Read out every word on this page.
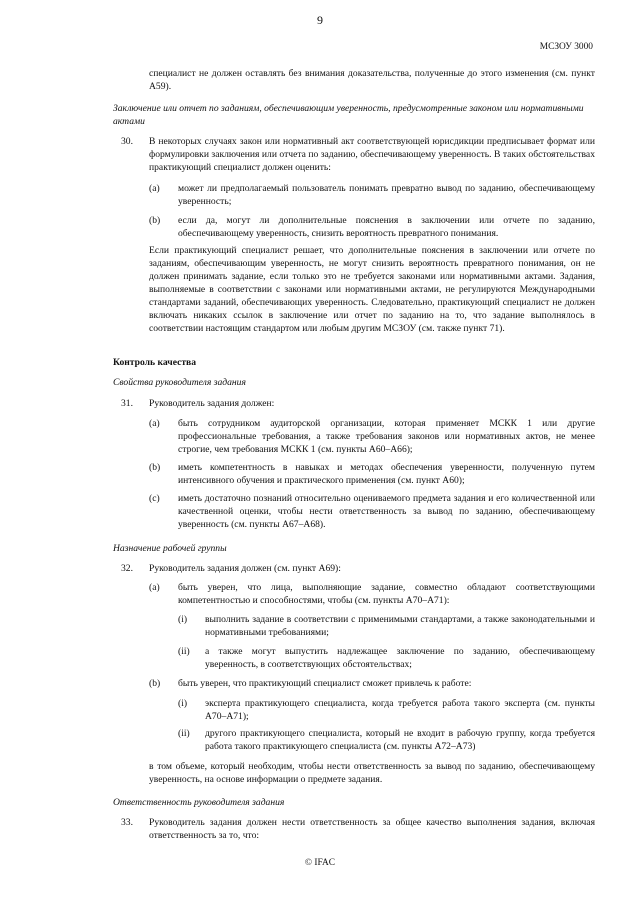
9
МСЗОУ 3000

специалист не должен оставлять без внимания доказательства, полученные до этого изменения (см. пункт A59).

Заключение или отчет по заданиям, обеспечивающим уверенность, предусмотренные законом или нормативными актами

30. В некоторых случаях закон или нормативный акт соответствующей юрисдикции предписывает формат или формулировки заключения или отчета по заданию, обеспечивающему уверенность. В таких обстоятельствах практикующий специалист должен оценить:

(a) может ли предполагаемый пользователь понимать превратно вывод по заданию, обеспечивающему уверенность;

(b) если да, могут ли дополнительные пояснения в заключении или отчете по заданию, обеспечивающему уверенность, снизить вероятность превратного понимания.

Если практикующий специалист решает, что дополнительные пояснения в заключении или отчете по заданиям, обеспечивающим уверенность, не могут снизить вероятность превратного понимания, он не должен принимать задание, если только это не требуется законами или нормативными актами. Задания, выполняемые в соответствии с законами или нормативными актами, не регулируются Международными стандартами заданий, обеспечивающих уверенность. Следовательно, практикующий специалист не должен включать никаких ссылок в заключение или отчет по заданию на то, что задание выполнялось в соответствии настоящим стандартом или любым другим МСЗОУ (см. также пункт 71).

Контроль качества

Свойства руководителя задания

31. Руководитель задания должен:

(a) быть сотрудником аудиторской организации, которая применяет МСКК 1 или другие профессиональные требования, а также требования законов или нормативных актов, не менее строгие, чем требования МСКК 1 (см. пункты A60–A66);

(b) иметь компетентность в навыках и методах обеспечения уверенности, полученную путем интенсивного обучения и практического применения (см. пункт A60);

(c) иметь достаточно познаний относительно оцениваемого предмета задания и его количественной или качественной оценки, чтобы нести ответственность за вывод по заданию, обеспечивающему уверенность (см. пункты A67–A68).

Назначение рабочей группы

32. Руководитель задания должен (см. пункт A69):

(a) быть уверен, что лица, выполняющие задание, совместно обладают соответствующими компетентностью и способностями, чтобы (см. пункты A70–A71):

(i) выполнить задание в соответствии с применимыми стандартами, а также законодательными и нормативными требованиями;

(ii) а также могут выпустить надлежащее заключение по заданию, обеспечивающему уверенность, в соответствующих обстоятельствах;

(b) быть уверен, что практикующий специалист сможет привлечь к работе:

(i) эксперта практикующего специалиста, когда требуется работа такого эксперта (см. пункты A70–A71);

(ii) другого практикующего специалиста, который не входит в рабочую группу, когда требуется работа такого практикующего специалиста (см. пункты A72–A73)

в том объеме, который необходим, чтобы нести ответственность за вывод по заданию, обеспечивающему уверенность, на основе информации о предмете задания.

Ответственность руководителя задания

33. Руководитель задания должен нести ответственность за общее качество выполнения задания, включая ответственность за то, что:

© IFAC
